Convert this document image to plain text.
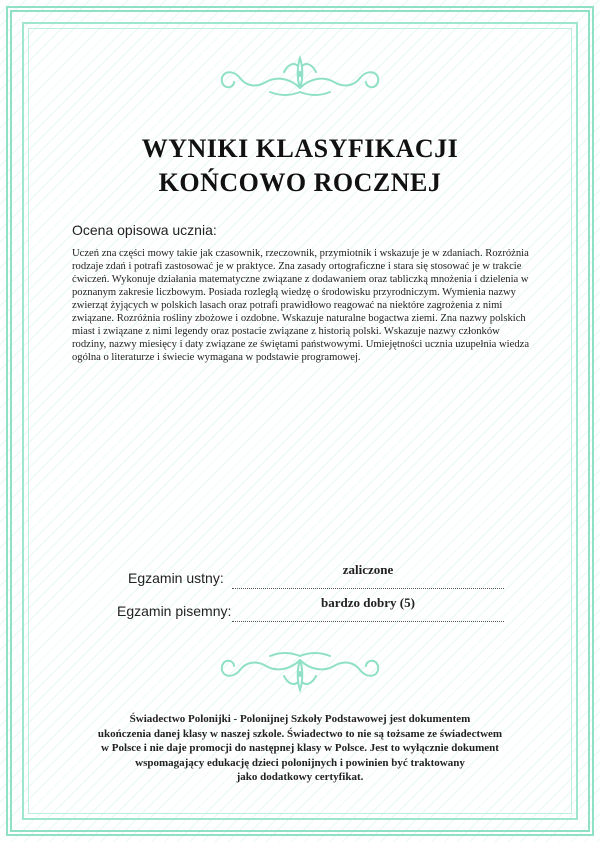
WYNIKI KLASYFIKACJI
KOŃCOWO ROCZNEJ
Ocena opisowa ucznia:

Uczeń zna części mowy takie jak czasownik, rzeczownik, przymiotnik i wskazuje je w zdaniach. Rozróżnia rodzaje zdań i potrafi zastosować je w praktyce. Zna zasady ortograficzne i stara się stosować je w trakcie ćwiczeń. Wykonuje działania matematyczne związane z dodawaniem oraz tabliczką mnożenia i dzielenia w poznanym zakresie liczbowym. Posiada rozległą wiedzę o środowisku przyrodniczym. Wymienia nazwy zwierząt żyjących w polskich lasach oraz potrafi prawidłowo reagować na niektóre zagrożenia z nimi związane. Rozróżnia rośliny zbożowe i ozdobne. Wskazuje naturalne bogactwa ziemi. Zna nazwy polskich miast i związane z nimi legendy oraz postacie związane z historią polski. Wskazuje nazwy członków rodziny, nazwy miesięcy i daty związane ze świętami państwowymi. Umiejętności ucznia uzupełnia wiedza ogólna o literaturze i świecie wymagana w podstawie programowej.

Egzamin ustny:
zaliczone
Egzamin pisemny:
bardzo dobry (5)
Świadectwo Polonijki - Polonijnej Szkoły Podstawowej jest dokumentem
ukończenia danej klasy w naszej szkole. Świadectwo to nie są tożsame ze świadectwem
w Polsce i nie daje promocji do następnej klasy w Polsce. Jest to wyłącznie dokument
wspomagający edukację dzieci polonijnych i powinien być traktowany
jako dodatkowy certyfikat.
